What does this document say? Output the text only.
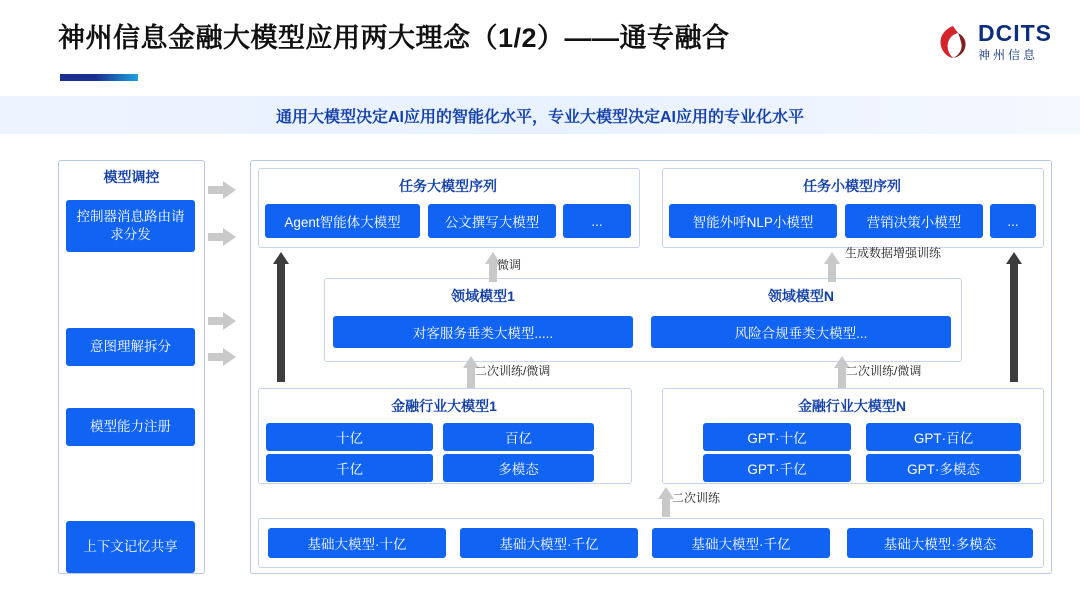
神州信息金融大模型应用两大理念（1/2）——通专融合	DCITS
神州信息
通用大模型决定AI应用的智能化水平，专业大模型决定AI应用的专业化水平
模型调控
控制器消息路由请求分发
意图理解拆分
模型能力注册
上下文记忆共享
任务大模型序列
Agent智能体大模型	公文撰写大模型	...
任务小模型序列
智能外呼NLP小模型	营销决策小模型	...
领域模型1	领域模型N
对客服务垂类大模型.....	风险合规垂类大模型...
金融行业大模型1
十亿	百亿
千亿	多模态
金融行业大模型N
GPT·十亿	GPT·百亿
GPT·千亿	GPT·多模态
基础大模型·十亿	基础大模型·千亿	基础大模型·千亿	基础大模型·多模态
微调
生成数据增强训练
二次训练/微调	二次训练/微调
二次训练
